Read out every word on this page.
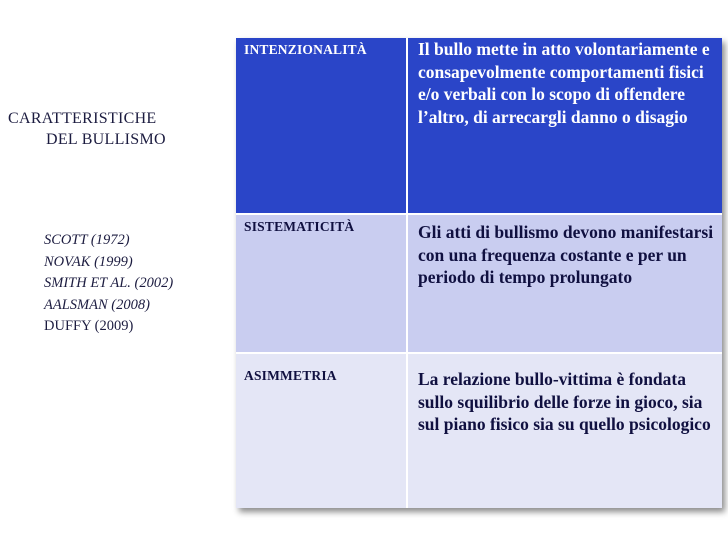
CARATTERISTICHE
DEL BULLISMO
SCOTT (1972)
NOVAK (1999)
SMITH ET AL. (2002)
AALSMAN (2008)
DUFFY (2009)
INTENZIONALITÀ	Il bullo mette in atto volontariamente e consapevolmente comportamenti fisici e/o verbali con lo scopo di offendere l’altro, di arrecargli danno o disagio
SISTEMATICITÀ	Gli atti di bullismo devono manifestarsi con una frequenza costante e per un periodo di tempo prolungato
ASIMMETRIA	La relazione bullo-vittima è fondata sullo squilibrio delle forze in gioco, sia sul piano fisico sia su quello psicologico
